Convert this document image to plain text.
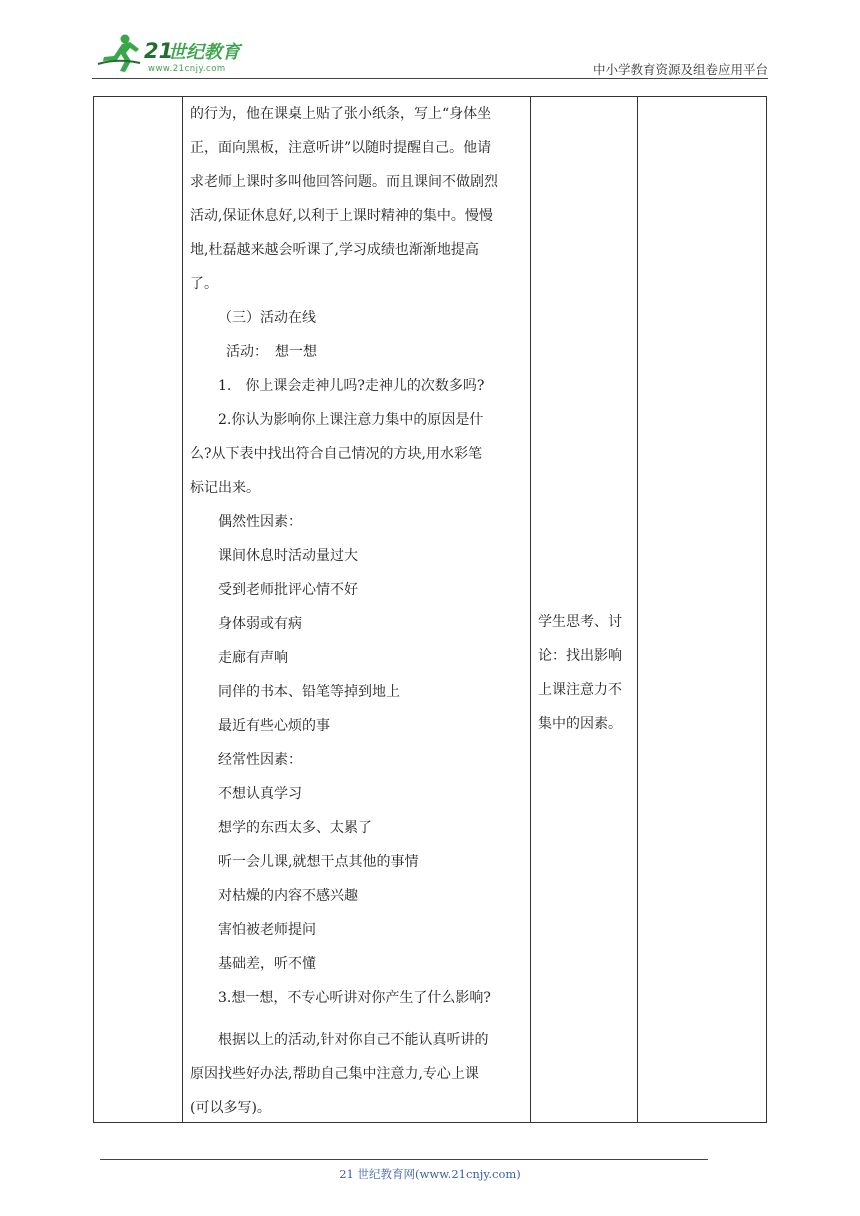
21
世纪教育
www.21cnjy.com	中小学教育资源及组卷应用平台

的行为，他在课桌上贴了张小纸条，写上“身体坐

正，面向黑板，注意听讲”以随时提醒自己。他请

求老师上课时多叫他回答问题。而且课间不做剧烈

活动,保证休息好,以利于上课时精神的集中。慢慢

地,杜磊越来越会听课了,学习成绩也渐渐地提高

了。

（三）活动在线

活动：　想一想

1.　你上课会走神儿吗?走神儿的次数多吗?

2.你认为影响你上课注意力集中的原因是什

么?从下表中找出符合自己情况的方块,用水彩笔

标记出来。

偶然性因素：

课间休息时活动量过大

受到老师批评心情不好

身体弱或有病

走廊有声响

同伴的书本、铅笔等掉到地上

最近有些心烦的事

经常性因素：

不想认真学习

想学的东西太多、太累了

听一会儿课,就想干点其他的事情

对枯燥的内容不感兴趣

害怕被老师提问

基础差，听不懂

3.想一想，不专心听讲对你产生了什么影响?

根据以上的活动,针对你自己不能认真听讲的

原因找些好办法,帮助自己集中注意力,专心上课

(可以多写)。

学生思考、讨

论：找出影响

上课注意力不

集中的因素。

21 世纪教育网(www.21cnjy.com)
